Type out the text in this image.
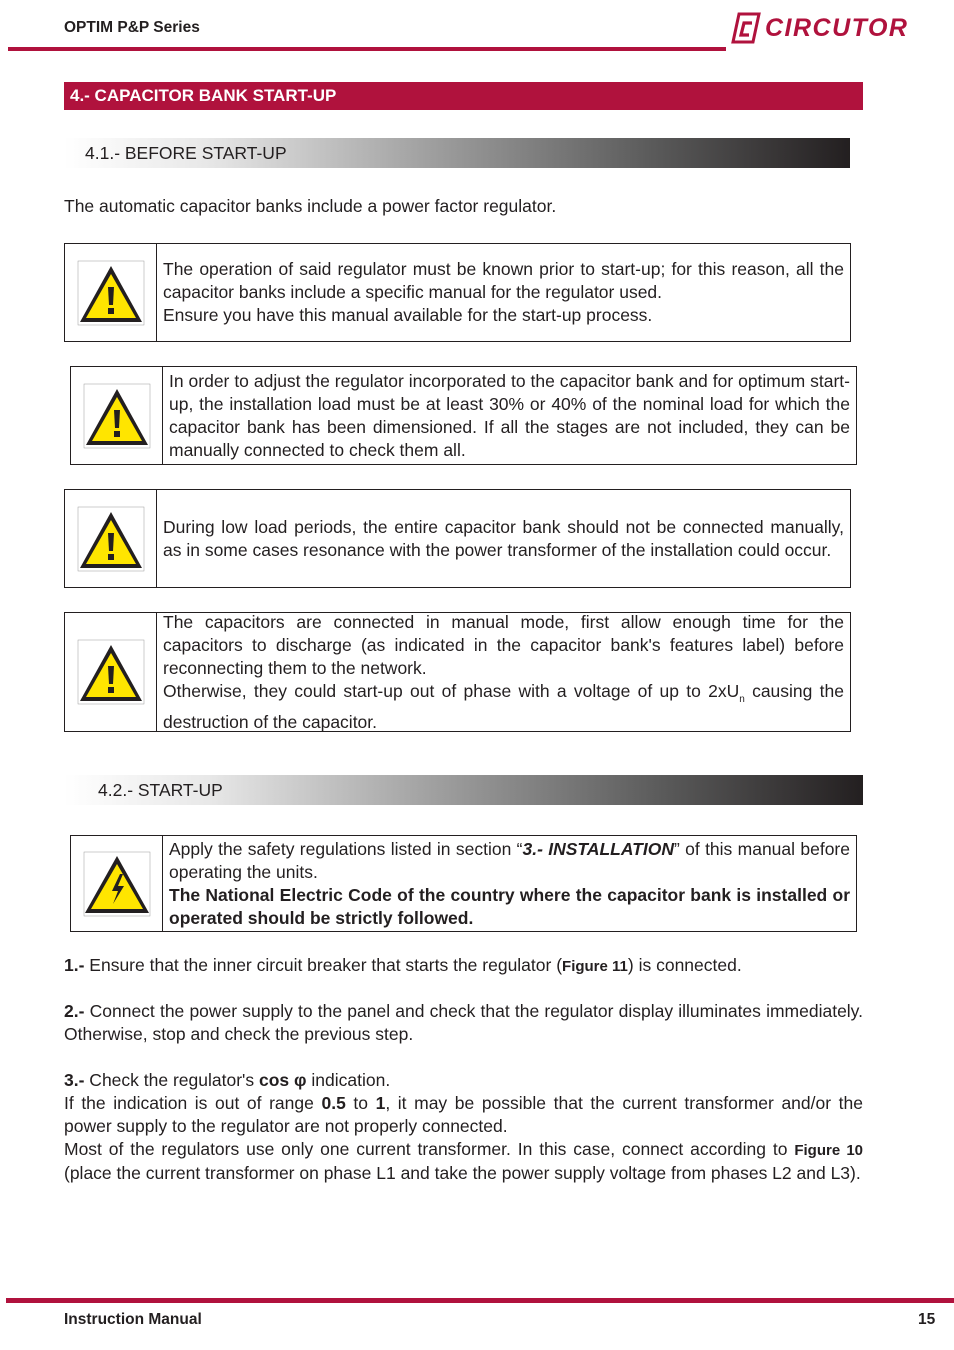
OPTIM P&P Series	CIRCUTOR
4.- CAPACITOR BANK START-UP
4.1.- BEFORE START-UP
The automatic capacitor banks include a power factor regulator.

The operation of said regulator must be known prior to start-up; for this reason, all the capacitor banks include a specific manual for the regulator used.

Ensure you have this manual available for the start-up process.

In order to adjust the regulator incorporated to the capacitor bank and for optimum start-up, the installation load must be at least 30% or 40% of the nominal load for which the capacitor bank has been dimensioned. If all the stages are not included, they can be manually connected to check them all.

During low load periods, the entire capacitor bank should not be connected manually, as in some cases resonance with the power transformer of the installation could occur.

The capacitors are connected in manual mode, first allow enough time for the capacitors to discharge (as indicated in the capacitor bank's features label) before reconnecting them to the network.

Otherwise, they could start-up out of phase with a voltage of up to $2xU_n$ causing the destruction of the capacitor.

4.2.- START-UP

Apply the safety regulations listed in section “3.- INSTALLATION” of this manual before operating the units.

The National Electric Code of the country where the capacitor bank is installed or operated should be strictly followed.

1.- Ensure that the inner circuit breaker that starts the regulator (Figure 11) is connected.
2.- Connect the power supply to the panel and check that the regulator display illuminates immediately. Otherwise, stop and check the previous step.
3.- Check the regulator's cos φ indication.
If the indication is out of range 0.5 to 1, it may be possible that the current transformer and/or the power supply to the regulator are not properly connected.
Most of the regulators use only one current transformer. In this case, connect according to Figure 10 (place the current transformer on phase L1 and take the power supply voltage from phases L2 and L3).
Instruction Manual	15
